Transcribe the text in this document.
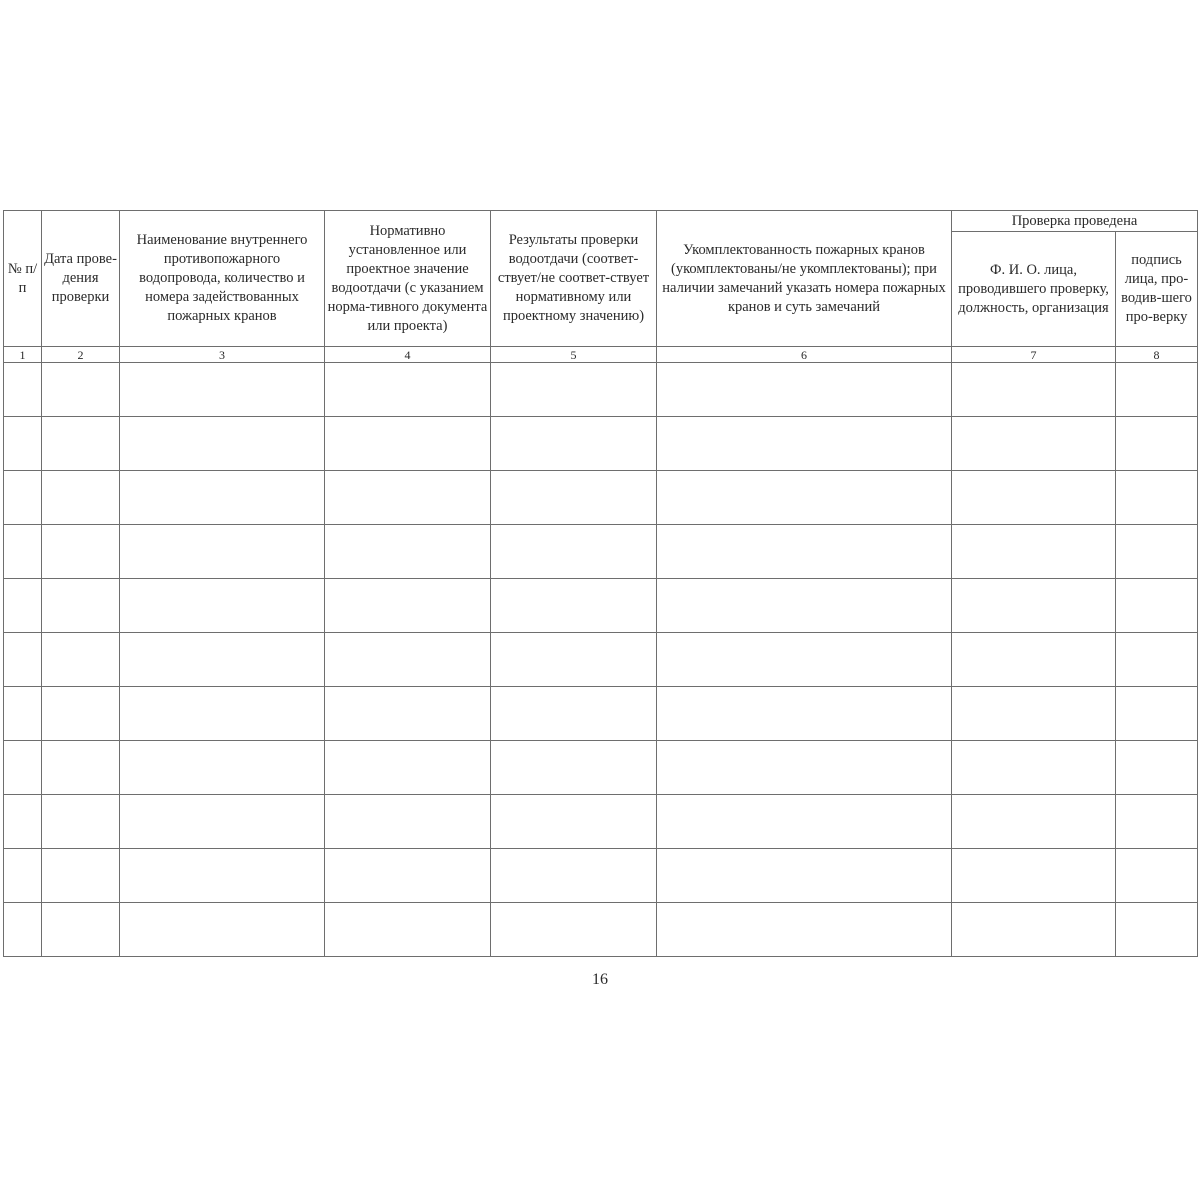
№ п/п	Дата прове-дения проверки	Наименование внутреннего противопожарного водопровода, количество и номера задействованных пожарных кранов	Нормативно установленное или проектное значение водоотдачи (с указанием норма-тивного документа или проекта)	Результаты проверки водоотдачи (соответ-ствует/не соответ-ствует нормативному или проектному значению)	Укомплектованность пожарных кранов (укомплектованы/не укомплектованы); при наличии замечаний указать номера пожарных кранов и суть замечаний	Проверка проведена	

						Ф. И. О. лица, проводившего проверку, должность, организация	подпись лица, про-водив-шего про-верку

1	2	3	4	5	6	7	8

16
